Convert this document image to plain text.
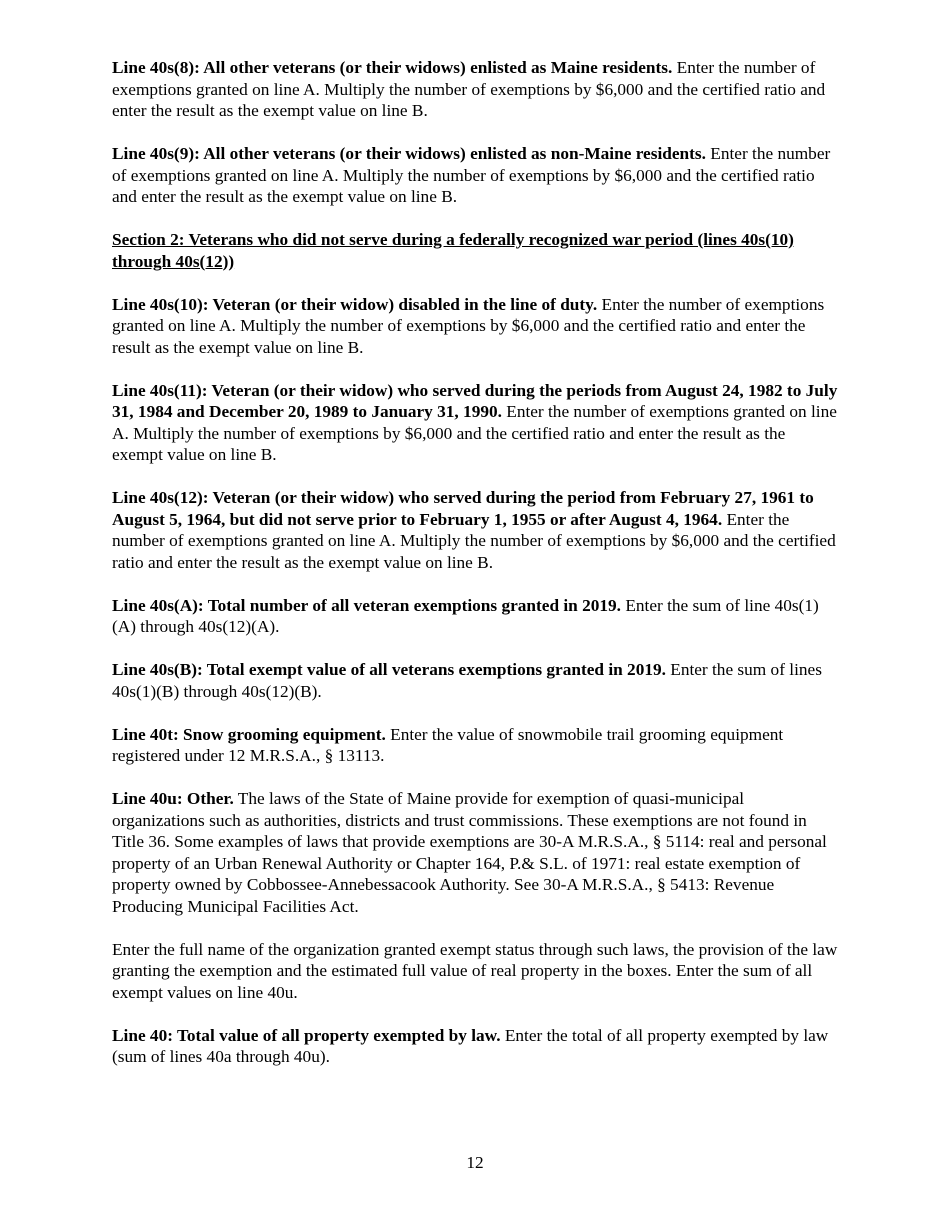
Line 40s(8): All other veterans (or their widows) enlisted as Maine residents. Enter the number of exemptions granted on line A. Multiply the number of exemptions by $6,000 and the certified ratio and enter the result as the exempt value on line B.

Line 40s(9): All other veterans (or their widows) enlisted as non-Maine residents. Enter the number of exemptions granted on line A. Multiply the number of exemptions by $6,000 and the certified ratio and enter the result as the exempt value on line B.

Section 2: Veterans who did not serve during a federally recognized war period (lines 40s(10) through 40s(12))

Line 40s(10): Veteran (or their widow) disabled in the line of duty. Enter the number of exemptions granted on line A. Multiply the number of exemptions by $6,000 and the certified ratio and enter the result as the exempt value on line B.

Line 40s(11): Veteran (or their widow) who served during the periods from August 24, 1982 to July 31, 1984 and December 20, 1989 to January 31, 1990. Enter the number of exemptions granted on line A. Multiply the number of exemptions by $6,000 and the certified ratio and enter the result as the exempt value on line B.

Line 40s(12): Veteran (or their widow) who served during the period from February 27, 1961 to August 5, 1964, but did not serve prior to February 1, 1955 or after August 4, 1964. Enter the number of exemptions granted on line A. Multiply the number of exemptions by $6,000 and the certified ratio and enter the result as the exempt value on line B.

Line 40s(A): Total number of all veteran exemptions granted in 2019. Enter the sum of line 40s(1)(A) through 40s(12)(A).

Line 40s(B): Total exempt value of all veterans exemptions granted in 2019. Enter the sum of lines 40s(1)(B) through 40s(12)(B).

Line 40t: Snow grooming equipment. Enter the value of snowmobile trail grooming equipment registered under 12 M.R.S.A., § 13113.

Line 40u: Other. The laws of the State of Maine provide for exemption of quasi-municipal organizations such as authorities, districts and trust commissions. These exemptions are not found in Title 36. Some examples of laws that provide exemptions are 30-A M.R.S.A., § 5114: real and personal property of an Urban Renewal Authority or Chapter 164, P.& S.L. of 1971: real estate exemption of property owned by Cobbossee-Annebessacook Authority. See 30-A M.R.S.A., § 5413: Revenue Producing Municipal Facilities Act.

Enter the full name of the organization granted exempt status through such laws, the provision of the law granting the exemption and the estimated full value of real property in the boxes. Enter the sum of all exempt values on line 40u.

Line 40: Total value of all property exempted by law. Enter the total of all property exempted by law (sum of lines 40a through 40u).

12
